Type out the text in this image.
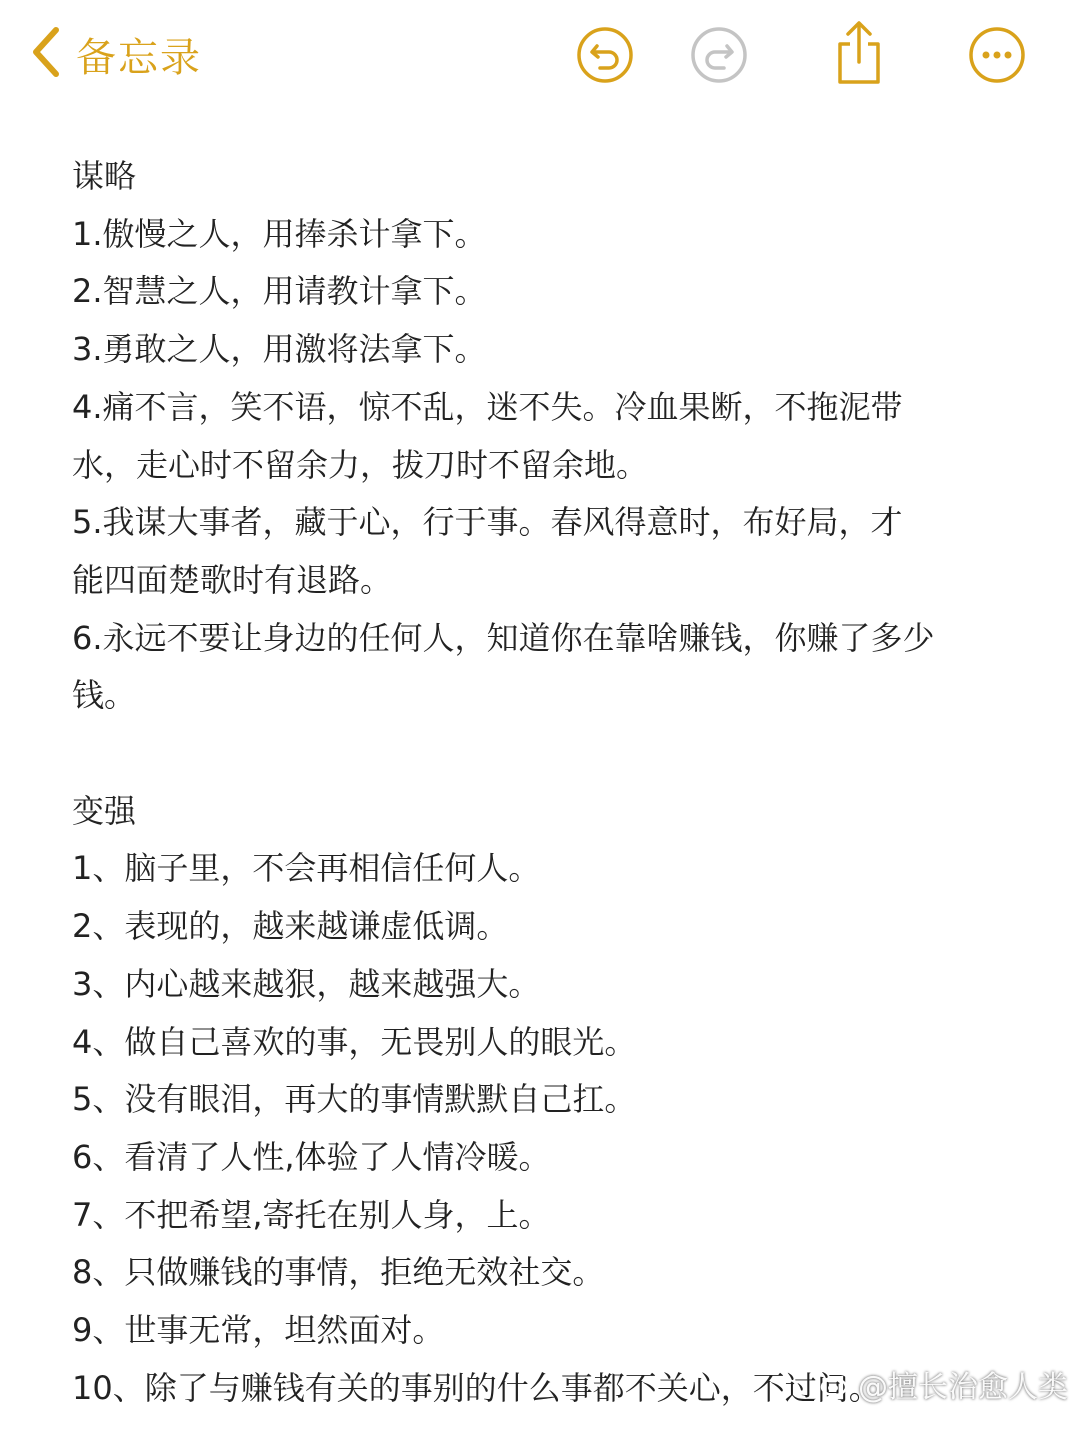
备忘录
谋略
1.傲慢之人，用捧杀计拿下。
2.智慧之人，用请教计拿下。
3.勇敢之人，用激将法拿下。
4.痛不言，笑不语，惊不乱，迷不失。冷血果断，不拖泥带
水，走心时不留余力，拔刀时不留余地。
5.我谋大事者，藏于心，行于事。春风得意时，布好局，才
能四面楚歌时有退路。
6.永远不要让身边的任何人，知道你在靠啥赚钱，你赚了多少
钱。
变强
1、脑子里，不会再相信任何人。
2、表现的，越来越谦虚低调。
3、内心越来越狠，越来越强大。
4、做自己喜欢的事，无畏别人的眼光。
5、没有眼泪，再大的事情默默自己扛。
6、看清了人性,体验了人情冷暖。
7、不把希望,寄托在别人身，上。
8、只做赚钱的事情，拒绝无效社交。
9、世事无常，坦然面对。
10、除了与赚钱有关的事别的什么事都不关心，不过问。
@擅长治愈人类
